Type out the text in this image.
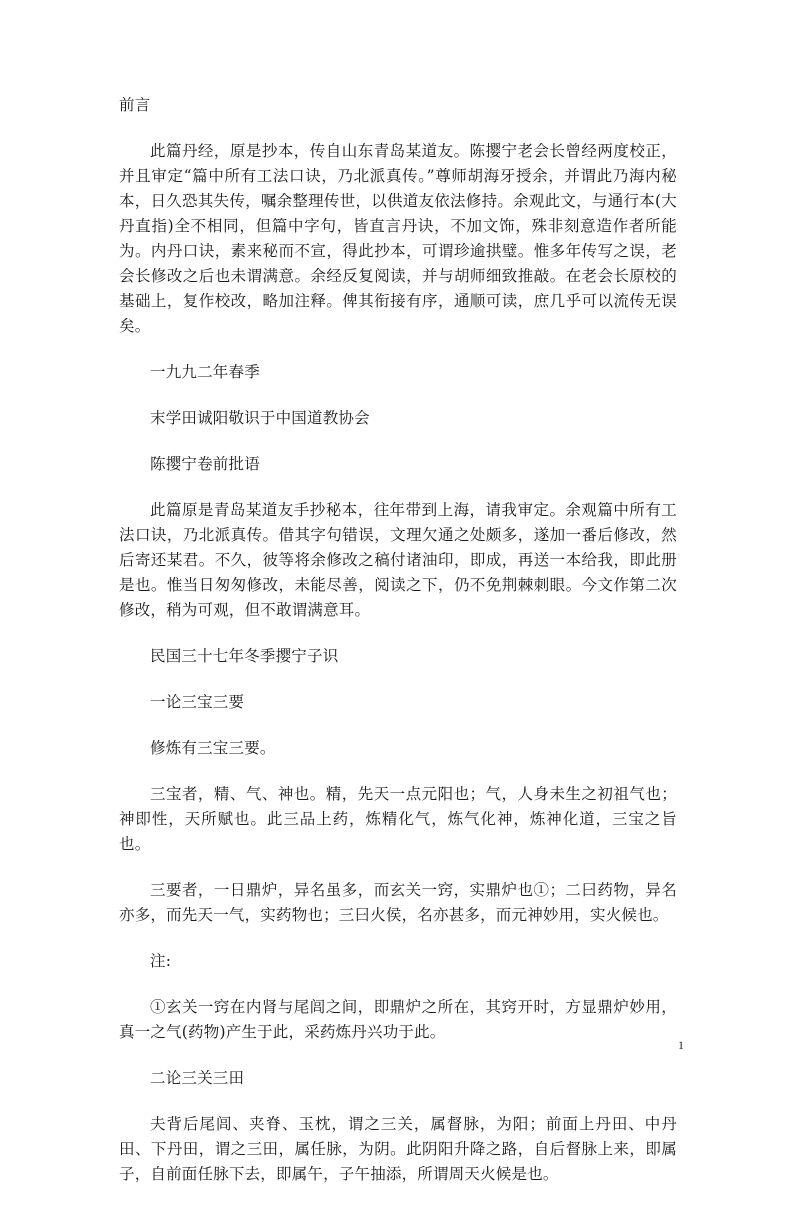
前言

此篇丹经，原是抄本，传自山东青岛某道友。陈撄宁老会长曾经两度校正，并且审定“篇中所有工法口诀，乃北派真传。”尊师胡海牙授余，并谓此乃海内秘本，日久恐其失传，嘱余整理传世，以供道友依法修持。余观此文，与通行本(大丹直指)全不相同，但篇中字句，皆直言丹诀，不加文饰，殊非刻意造作者所能为。内丹口诀，素来秘而不宣，得此抄本，可谓珍逾拱璧。惟多年传写之误，老会长修改之后也未谓满意。余经反复阅读，并与胡师细致推敲。在老会长原校的基础上，复作校改，略加注释。俾其衔接有序，通顺可读，庶几乎可以流传无误矣。

一九九二年春季

末学田诚阳敬识于中国道教协会

陈撄宁卷前批语

此篇原是青岛某道友手抄秘本，往年带到上海，请我审定。余观篇中所有工法口诀，乃北派真传。借其字句错误，文理欠通之处颇多，遂加一番后修改，然后寄还某君。不久，彼等将余修改之稿付诸油印，即成，再送一本给我，即此册是也。惟当日匆匆修改，未能尽善，阅读之下，仍不免荆棘刺眼。今文作第二次修改，稍为可观，但不敢谓满意耳。

民国三十七年冬季撄宁子识

一论三宝三要

修炼有三宝三要。

三宝者，精、气、神也。精，先天一点元阳也；气，人身未生之初祖气也；神即性，天所赋也。此三品上药，炼精化气，炼气化神，炼神化道，三宝之旨也。

三要者，一日鼎炉，异名虽多，而玄关一窍，实鼎炉也①；二曰药物，异名亦多，而先天一气，实药物也；三曰火侯，名亦甚多，而元神妙用，实火候也。

注:

①玄关一窍在内肾与尾闾之间，即鼎炉之所在，其窍开时，方显鼎炉妙用，真一之气(药物)产生于此，采药炼丹兴功于此。

二论三关三田

夫背后尾闾、夹脊、玉枕，谓之三关，属督脉，为阳；前面上丹田、中丹田、下丹田，谓之三田，属任脉，为阴。此阴阳升降之路，自后督脉上来，即属子，自前面任脉下去，即属午，子午抽添，所谓周天火候是也。

1
